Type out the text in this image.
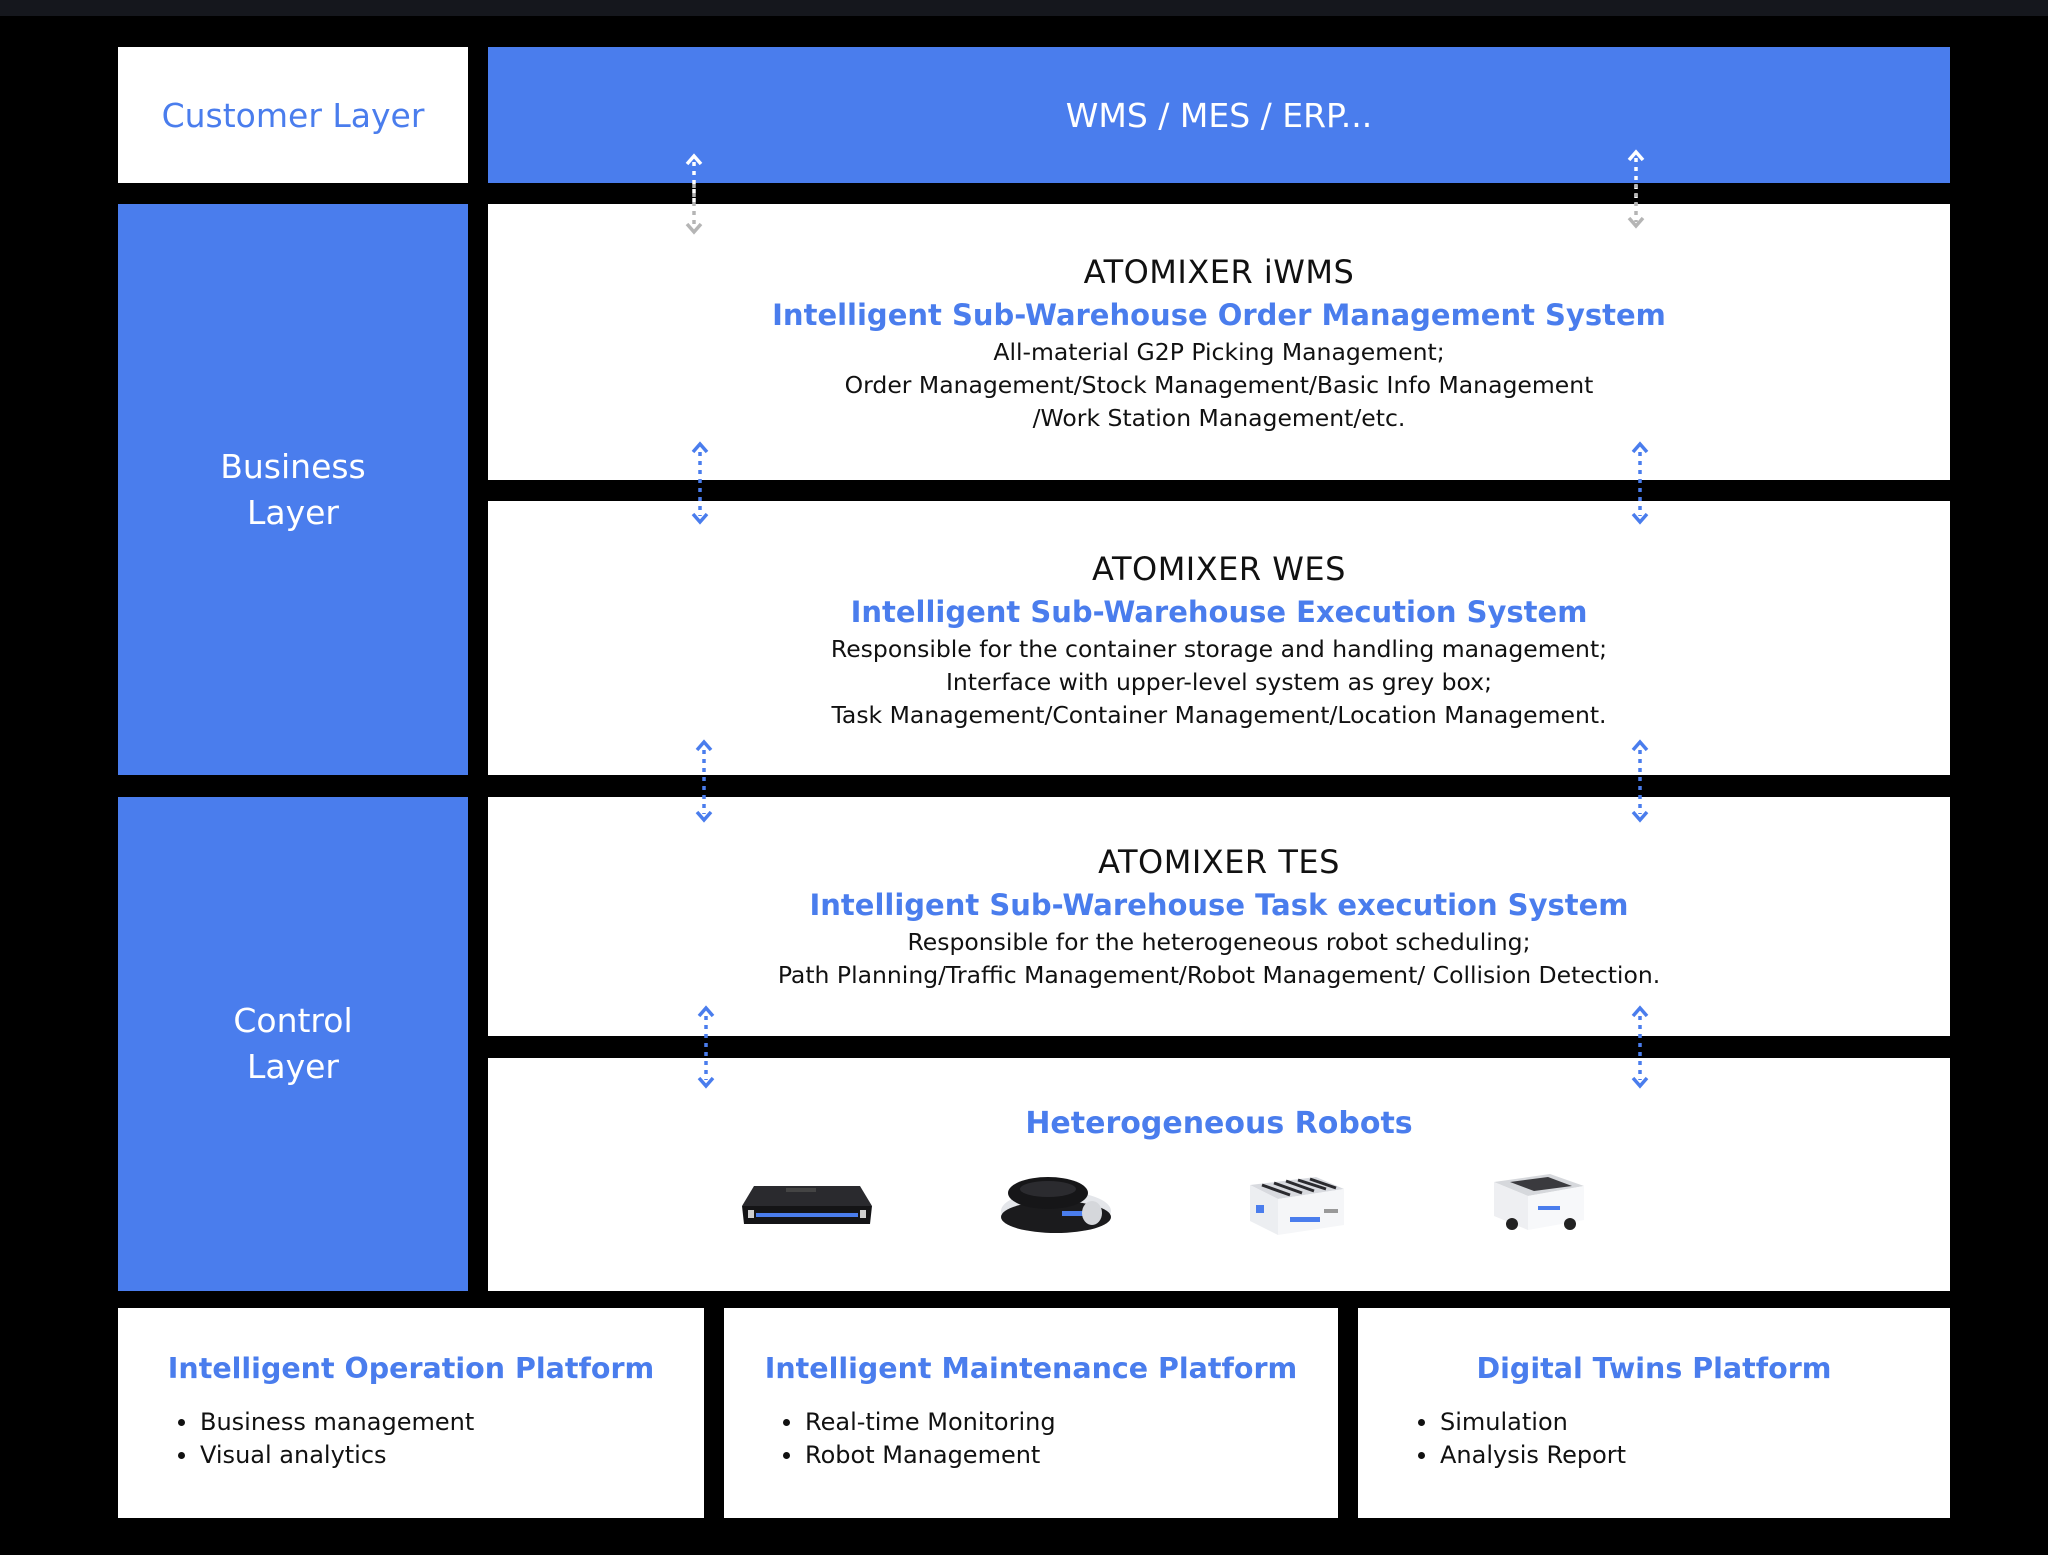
Customer Layer	WMS / MES / ERP...
Business
Layer
Control
Layer
ATOMIXER iWMS
Intelligent Sub-Warehouse Order Management System
All-material G2P Picking Management;
Order Management/Stock Management/Basic Info Management
/Work Station Management/etc.
ATOMIXER WES
Intelligent Sub-Warehouse Execution System
Responsible for the container storage and handling management;
Interface with upper-level system as grey box;
Task Management/Container Management/Location Management.
ATOMIXER TES
Intelligent Sub-Warehouse Task execution System
Responsible for the heterogeneous robot scheduling;
Path Planning/Traffic Management/Robot Management/ Collision Detection.
Heterogeneous Robots
Intelligent Operation Platform
Business management
Visual analytics
Intelligent Maintenance Platform
Real-time Monitoring
Robot Management
Digital Twins Platform
Simulation
Analysis Report
